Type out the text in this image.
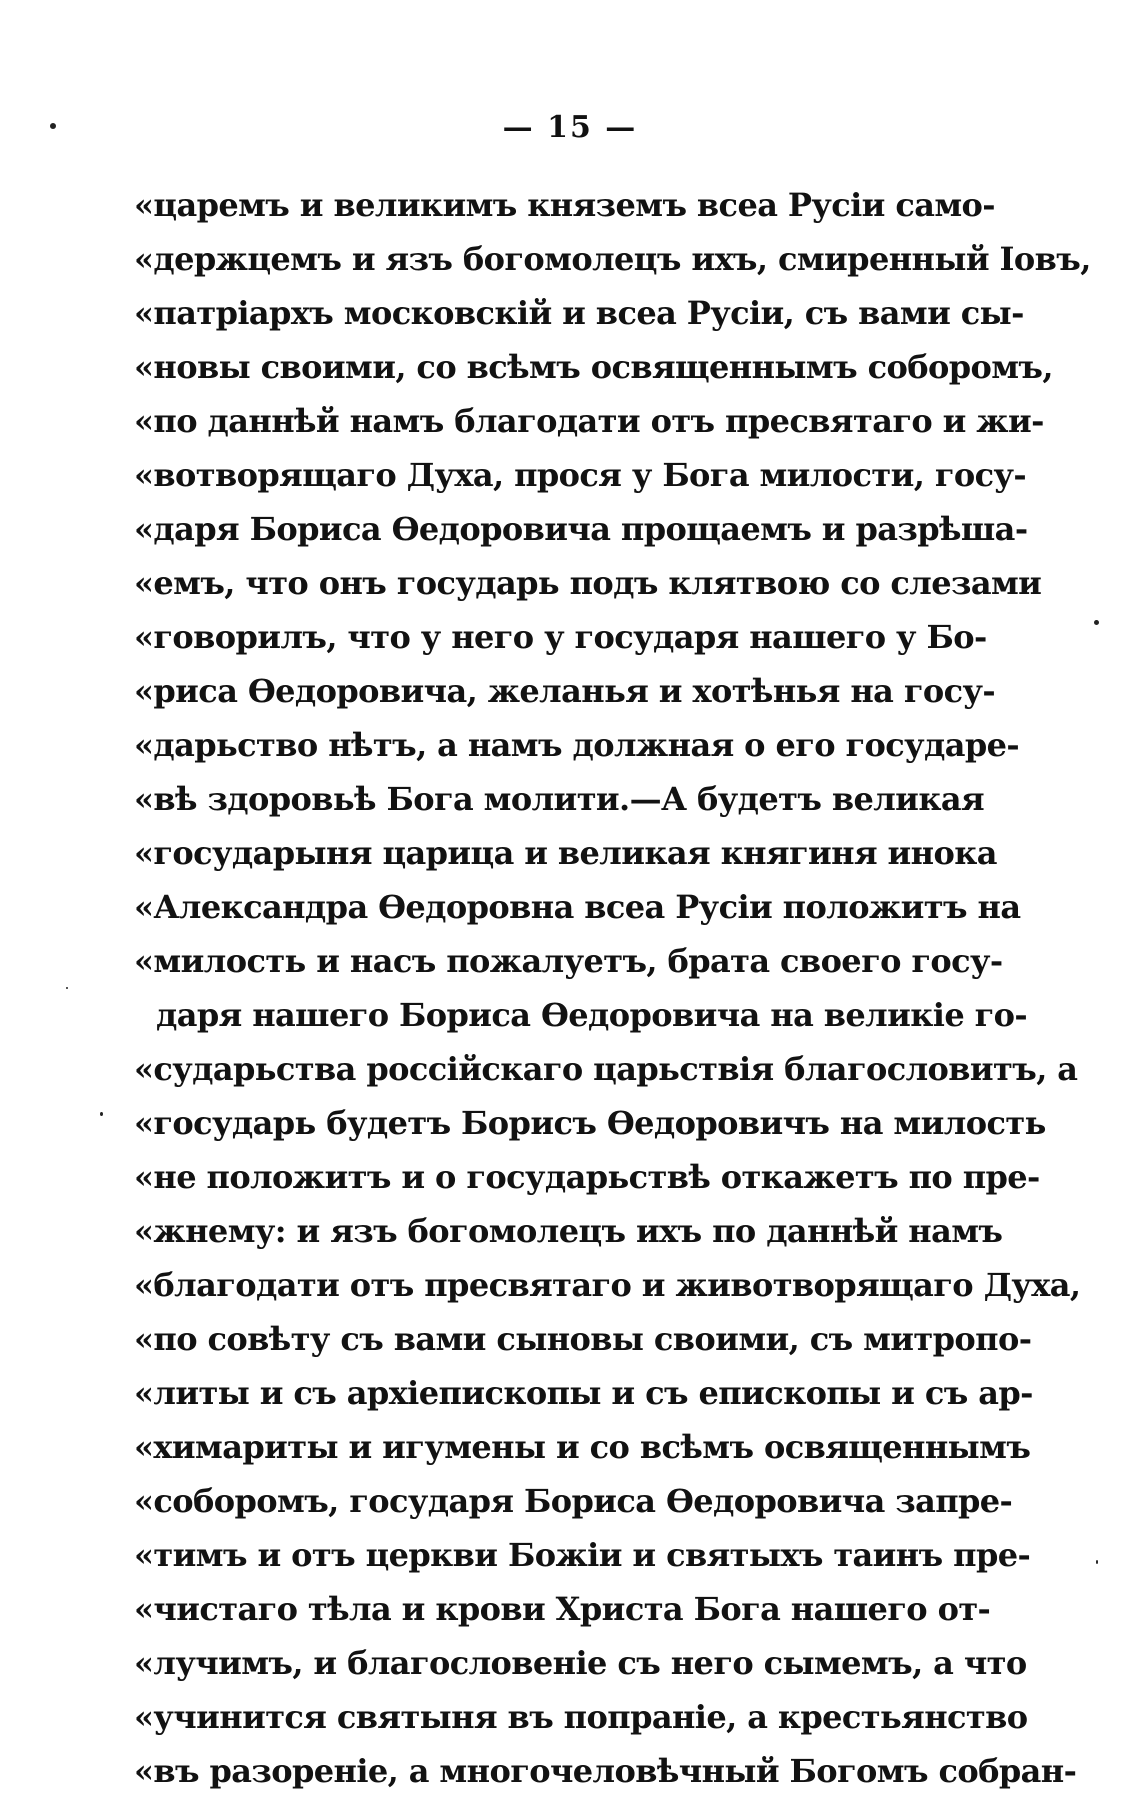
— 15 —
«царемъ и великимъ княземъ всеа Русіи само-
«держцемъ и язъ богомолецъ ихъ, смиренный Іовъ,
«патріархъ московскій и всеа Русіи, съ вами сы-
«новы своими, со всѣмъ освященнымъ соборомъ,
«по даннѣй намъ благодати отъ пресвятаго и жи-
«вотворящаго Духа, прося у Бога милости, госу-
«даря Бориса Өедоровича прощаемъ и разрѣша-
«емъ, что онъ государь подъ клятвою со слезами
«говорилъ, что у него у государя нашего у Бо-
«риса Өедоровича, желанья и хотѣнья на госу-
«дарьство нѣтъ, а намъ должная о его государе-
«вѣ здоровьѣ Бога молити.—А будетъ великая
«государыня царица и великая княгиня инока
«Александра Өедоровна всеа Русіи положитъ на
«милость и насъ пожалуетъ, брата своего госу-
даря нашего Бориса Өедоровича на великіе го-
«сударьства россійскаго царьствія благословитъ, а
«государь будетъ Борисъ Өедоровичъ на милость
«не положитъ и о государьствѣ откажетъ по пре-
«жнему: и язъ богомолецъ ихъ по даннѣй намъ
«благодати отъ пресвятаго и животворящаго Духа,
«по совѣту съ вами сыновы своими, съ митропо-
«литы и съ архіепископы и съ епископы и съ ар-
«химариты и игумены и со всѣмъ освященнымъ
«соборомъ, государя Бориса Өедоровича запре-
«тимъ и отъ церкви Божіи и святыхъ таинъ пре-
«чистаго тѣла и крови Христа Бога нашего от-
«лучимъ, и благословеніе съ него сымемъ, а что
«учинится святыня въ попраніе, а крестьянство
«въ разореніе, а многочеловѣчный Богомъ собран-
